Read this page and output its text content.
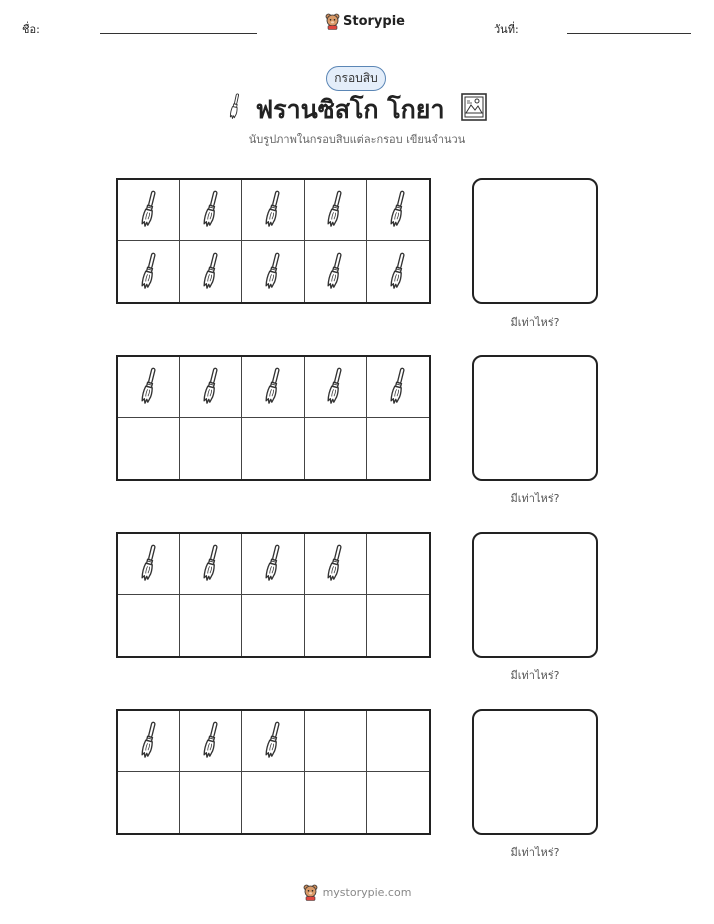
ชื่อ:
Storypie
วันที่:
กรอบสิบ
ฟรานซิสโก โกยา
นับรูปภาพในกรอบสิบแต่ละกรอบ เขียนจำนวน
มีเท่าไหร่?
มีเท่าไหร่?
มีเท่าไหร่?
มีเท่าไหร่?
mystorypie.com
